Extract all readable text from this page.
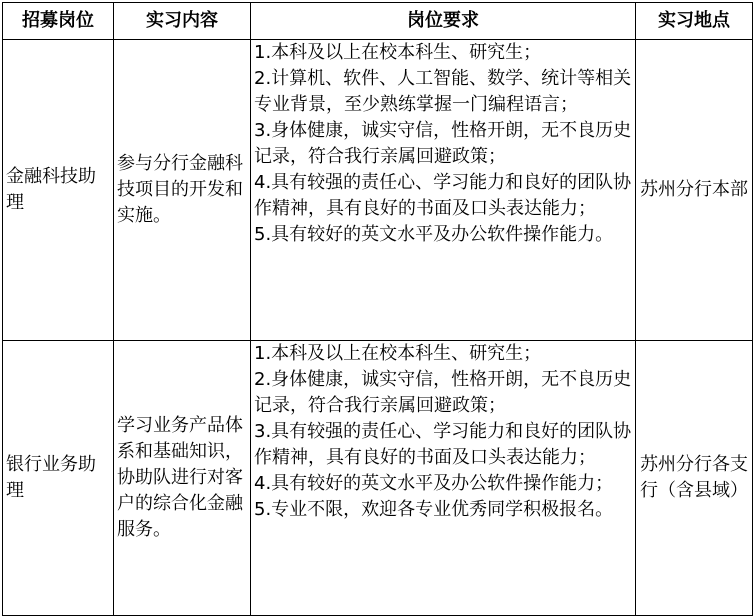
招募岗位	实习内容	岗位要求	实习地点
金融科技助理	参与分行金融科技项目的开发和实施。	1.本科及以上在校本科生、研究生；
2.计算机、软件、人工智能、数学、统计等相关专业背景，至少熟练掌握一门编程语言；
3.身体健康，诚实守信，性格开朗，无不良历史记录，符合我行亲属回避政策；
4.具有较强的责任心、学习能力和良好的团队协作精神，具有良好的书面及口头表达能力；
5.具有较好的英文水平及办公软件操作能力。	苏州分行本部
银行业务助理	学习业务产品体系和基础知识，协助队进行对客户的综合化金融服务。	1.本科及以上在校本科生、研究生；
2.身体健康，诚实守信，性格开朗，无不良历史记录，符合我行亲属回避政策；
3.具有较强的责任心、学习能力和良好的团队协作精神，具有良好的书面及口头表达能力；
4.具有较好的英文水平及办公软件操作能力；
5.专业不限，欢迎各专业优秀同学积极报名。	苏州分行各支行（含县域）
